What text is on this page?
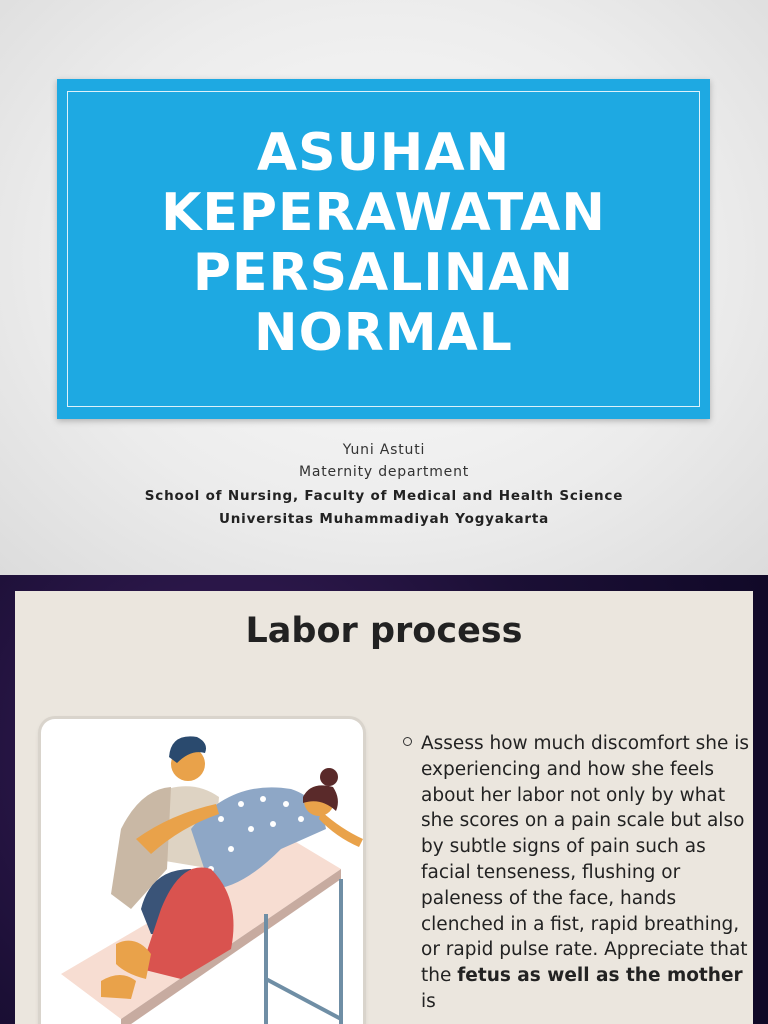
ASUHAN
KEPERAWATAN
PERSALINAN
NORMAL
Yuni Astuti
Maternity department
School of Nursing, Faculty of Medical and Health Science
Universitas Muhammadiyah Yogyakarta
Labor process
Assess how much discomfort she is experiencing and how she feels about her labor not only by what she scores on a pain scale but also by subtle signs of pain such as facial tenseness, flushing or paleness of the face, hands clenched in a fist, rapid breathing, or rapid pulse rate. Appreciate that the fetus as well as the mother is
